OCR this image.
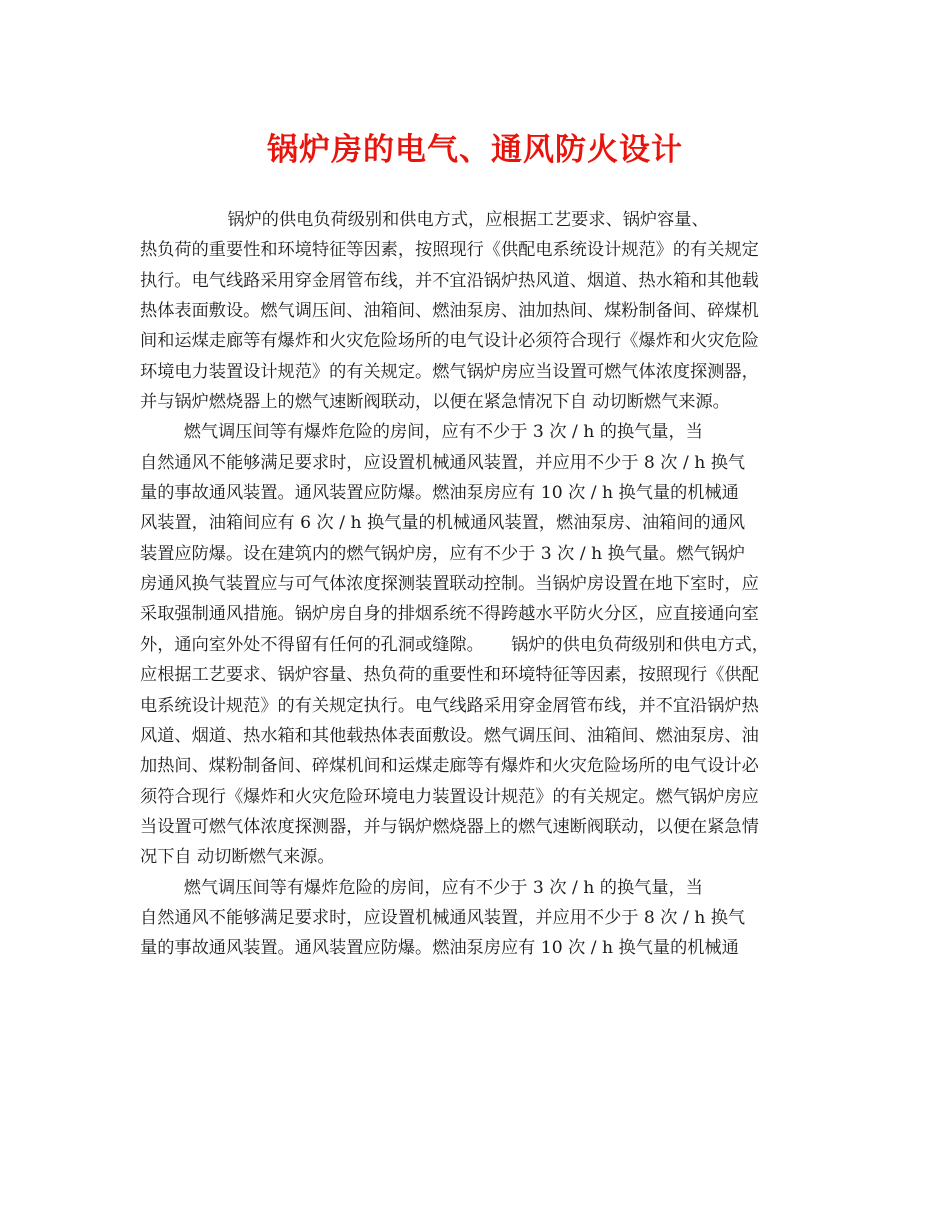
锅炉房的电气、通风防火设计
锅炉的供电负荷级别和供电方式，应根据工艺要求、锅炉容量、
热负荷的重要性和环境特征等因素，按照现行《供配电系统设计规范》的有关规定
执行。电气线路采用穿金屑管布线，并不宜沿锅炉热风道、烟道、热水箱和其他载
热体表面敷设。燃气调压间、油箱间、燃油泵房、油加热间、煤粉制备间、碎煤机
间和运煤走廊等有爆炸和火灾危险场所的电气设计必须符合现行《爆炸和火灾危险
环境电力装置设计规范》的有关规定。燃气锅炉房应当设置可燃气体浓度探测器，
并与锅炉燃烧器上的燃气速断阀联动，以便在紧急情况下自 动切断燃气来源。
燃气调压间等有爆炸危险的房间，应有不少于 3 次 / h 的换气量，当
自然通风不能够满足要求时，应设置机械通风装置，并应用不少于 8 次 / h 换气
量的事故通风装置。通风装置应防爆。燃油泵房应有 10 次 / h 换气量的机械通
风装置，油箱间应有 6 次 / h 换气量的机械通风装置，燃油泵房、油箱间的通风
装置应防爆。设在建筑内的燃气锅炉房，应有不少于 3 次 / h 换气量。燃气锅炉
房通风换气装置应与可气体浓度探测装置联动控制。当锅炉房设置在地下室时，应
采取强制通风措施。锅炉房自身的排烟系统不得跨越水平防火分区，应直接通向室
外，通向室外处不得留有任何的孔洞或缝隙。     锅炉的供电负荷级别和供电方式，
应根据工艺要求、锅炉容量、热负荷的重要性和环境特征等因素，按照现行《供配
电系统设计规范》的有关规定执行。电气线路采用穿金屑管布线，并不宜沿锅炉热
风道、烟道、热水箱和其他载热体表面敷设。燃气调压间、油箱间、燃油泵房、油
加热间、煤粉制备间、碎煤机间和运煤走廊等有爆炸和火灾危险场所的电气设计必
须符合现行《爆炸和火灾危险环境电力装置设计规范》的有关规定。燃气锅炉房应
当设置可燃气体浓度探测器，并与锅炉燃烧器上的燃气速断阀联动，以便在紧急情
况下自 动切断燃气来源。
燃气调压间等有爆炸危险的房间，应有不少于 3 次 / h 的换气量，当
自然通风不能够满足要求时，应设置机械通风装置，并应用不少于 8 次 / h 换气
量的事故通风装置。通风装置应防爆。燃油泵房应有 10 次 / h 换气量的机械通
